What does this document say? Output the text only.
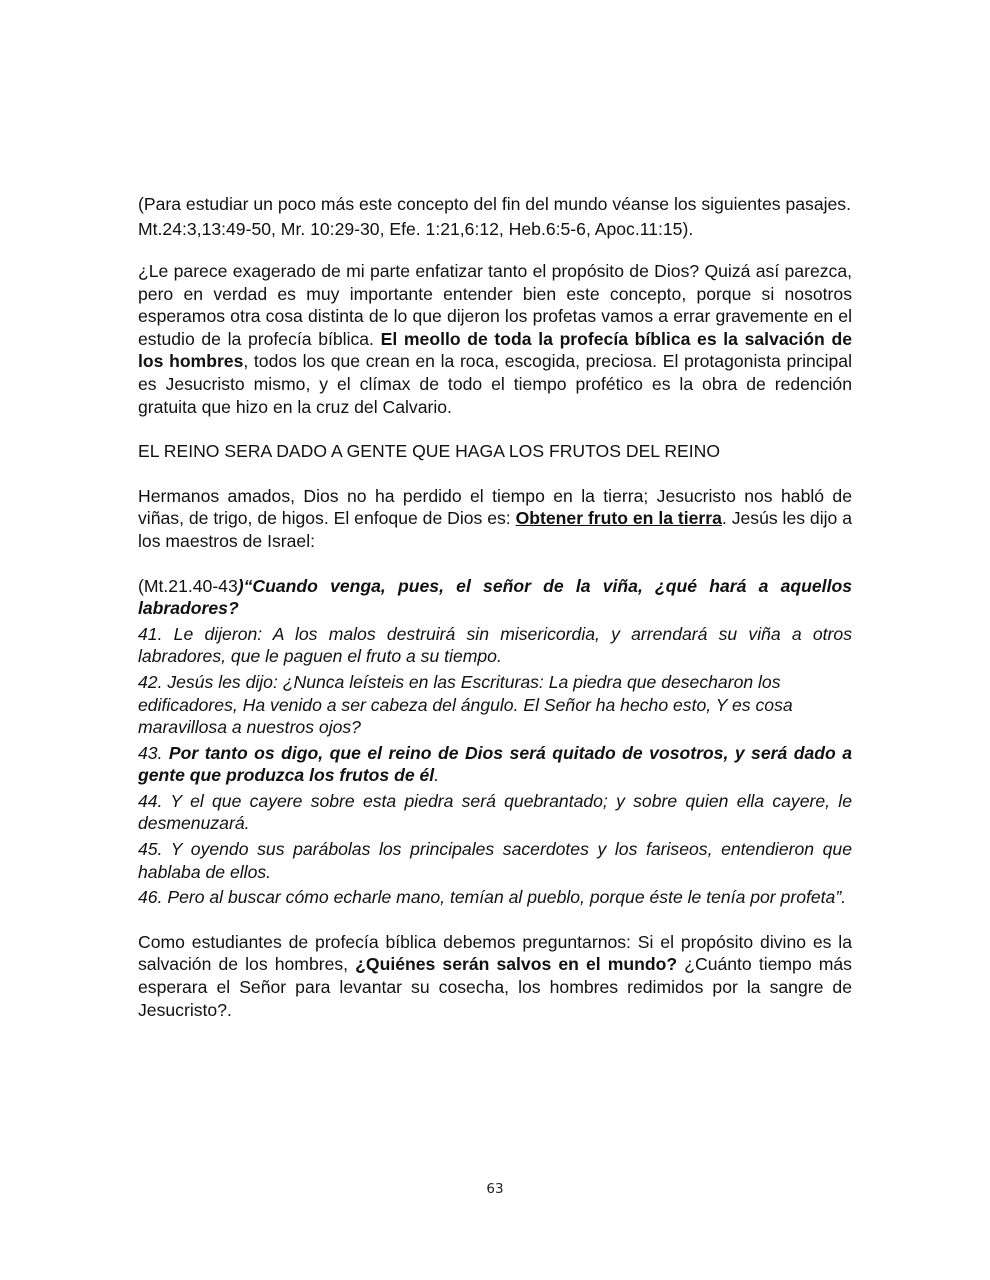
(Para estudiar un poco más este concepto del fin del mundo véanse los siguientes pasajes. Mt.24:3,13:49-50, Mr. 10:29-30, Efe. 1:21,6:12, Heb.6:5-6, Apoc.11:15).

¿Le parece exagerado de mi parte enfatizar tanto el propósito de Dios? Quizá así parezca, pero en verdad es muy importante entender bien este concepto, porque si nosotros esperamos otra cosa distinta de lo que dijeron los profetas vamos a errar gravemente en el estudio de la profecía bíblica. El meollo de toda la profecía bíblica es la salvación de los hombres, todos los que crean en la roca, escogida, preciosa. El protagonista principal es Jesucristo mismo, y el clímax de todo el tiempo profético es la obra de redención gratuita que hizo en la cruz del Calvario.

EL REINO SERA DADO A GENTE QUE HAGA LOS FRUTOS DEL REINO

Hermanos amados, Dios no ha perdido el tiempo en la tierra; Jesucristo nos habló de viñas, de trigo, de higos. El enfoque de Dios es: Obtener fruto en la tierra. Jesús les dijo a los maestros de Israel:

(Mt.21.40-43)“Cuando venga, pues, el señor de la viña, ¿qué hará a aquellos labradores?

41. Le dijeron: A los malos destruirá sin misericordia, y arrendará su viña a otros labradores, que le paguen el fruto a su tiempo.

42. Jesús les dijo: ¿Nunca leísteis en las Escrituras: La piedra que desecharon los edificadores, Ha venido a ser cabeza del ángulo. El Señor ha hecho esto, Y es cosa maravillosa a nuestros ojos?

43. Por tanto os digo, que el reino de Dios será quitado de vosotros, y será dado a gente que produzca los frutos de él.

44. Y el que cayere sobre esta piedra será quebrantado; y sobre quien ella cayere, le desmenuzará.

45. Y oyendo sus parábolas los principales sacerdotes y los fariseos, entendieron que hablaba de ellos.

46. Pero al buscar cómo echarle mano, temían al pueblo, porque éste le tenía por profeta”.

Como estudiantes de profecía bíblica debemos preguntarnos: Si el propósito divino es la salvación de los hombres, ¿Quiénes serán salvos en el mundo? ¿Cuánto tiempo más esperara el Señor para levantar su cosecha, los hombres redimidos por la sangre de Jesucristo?.

63
